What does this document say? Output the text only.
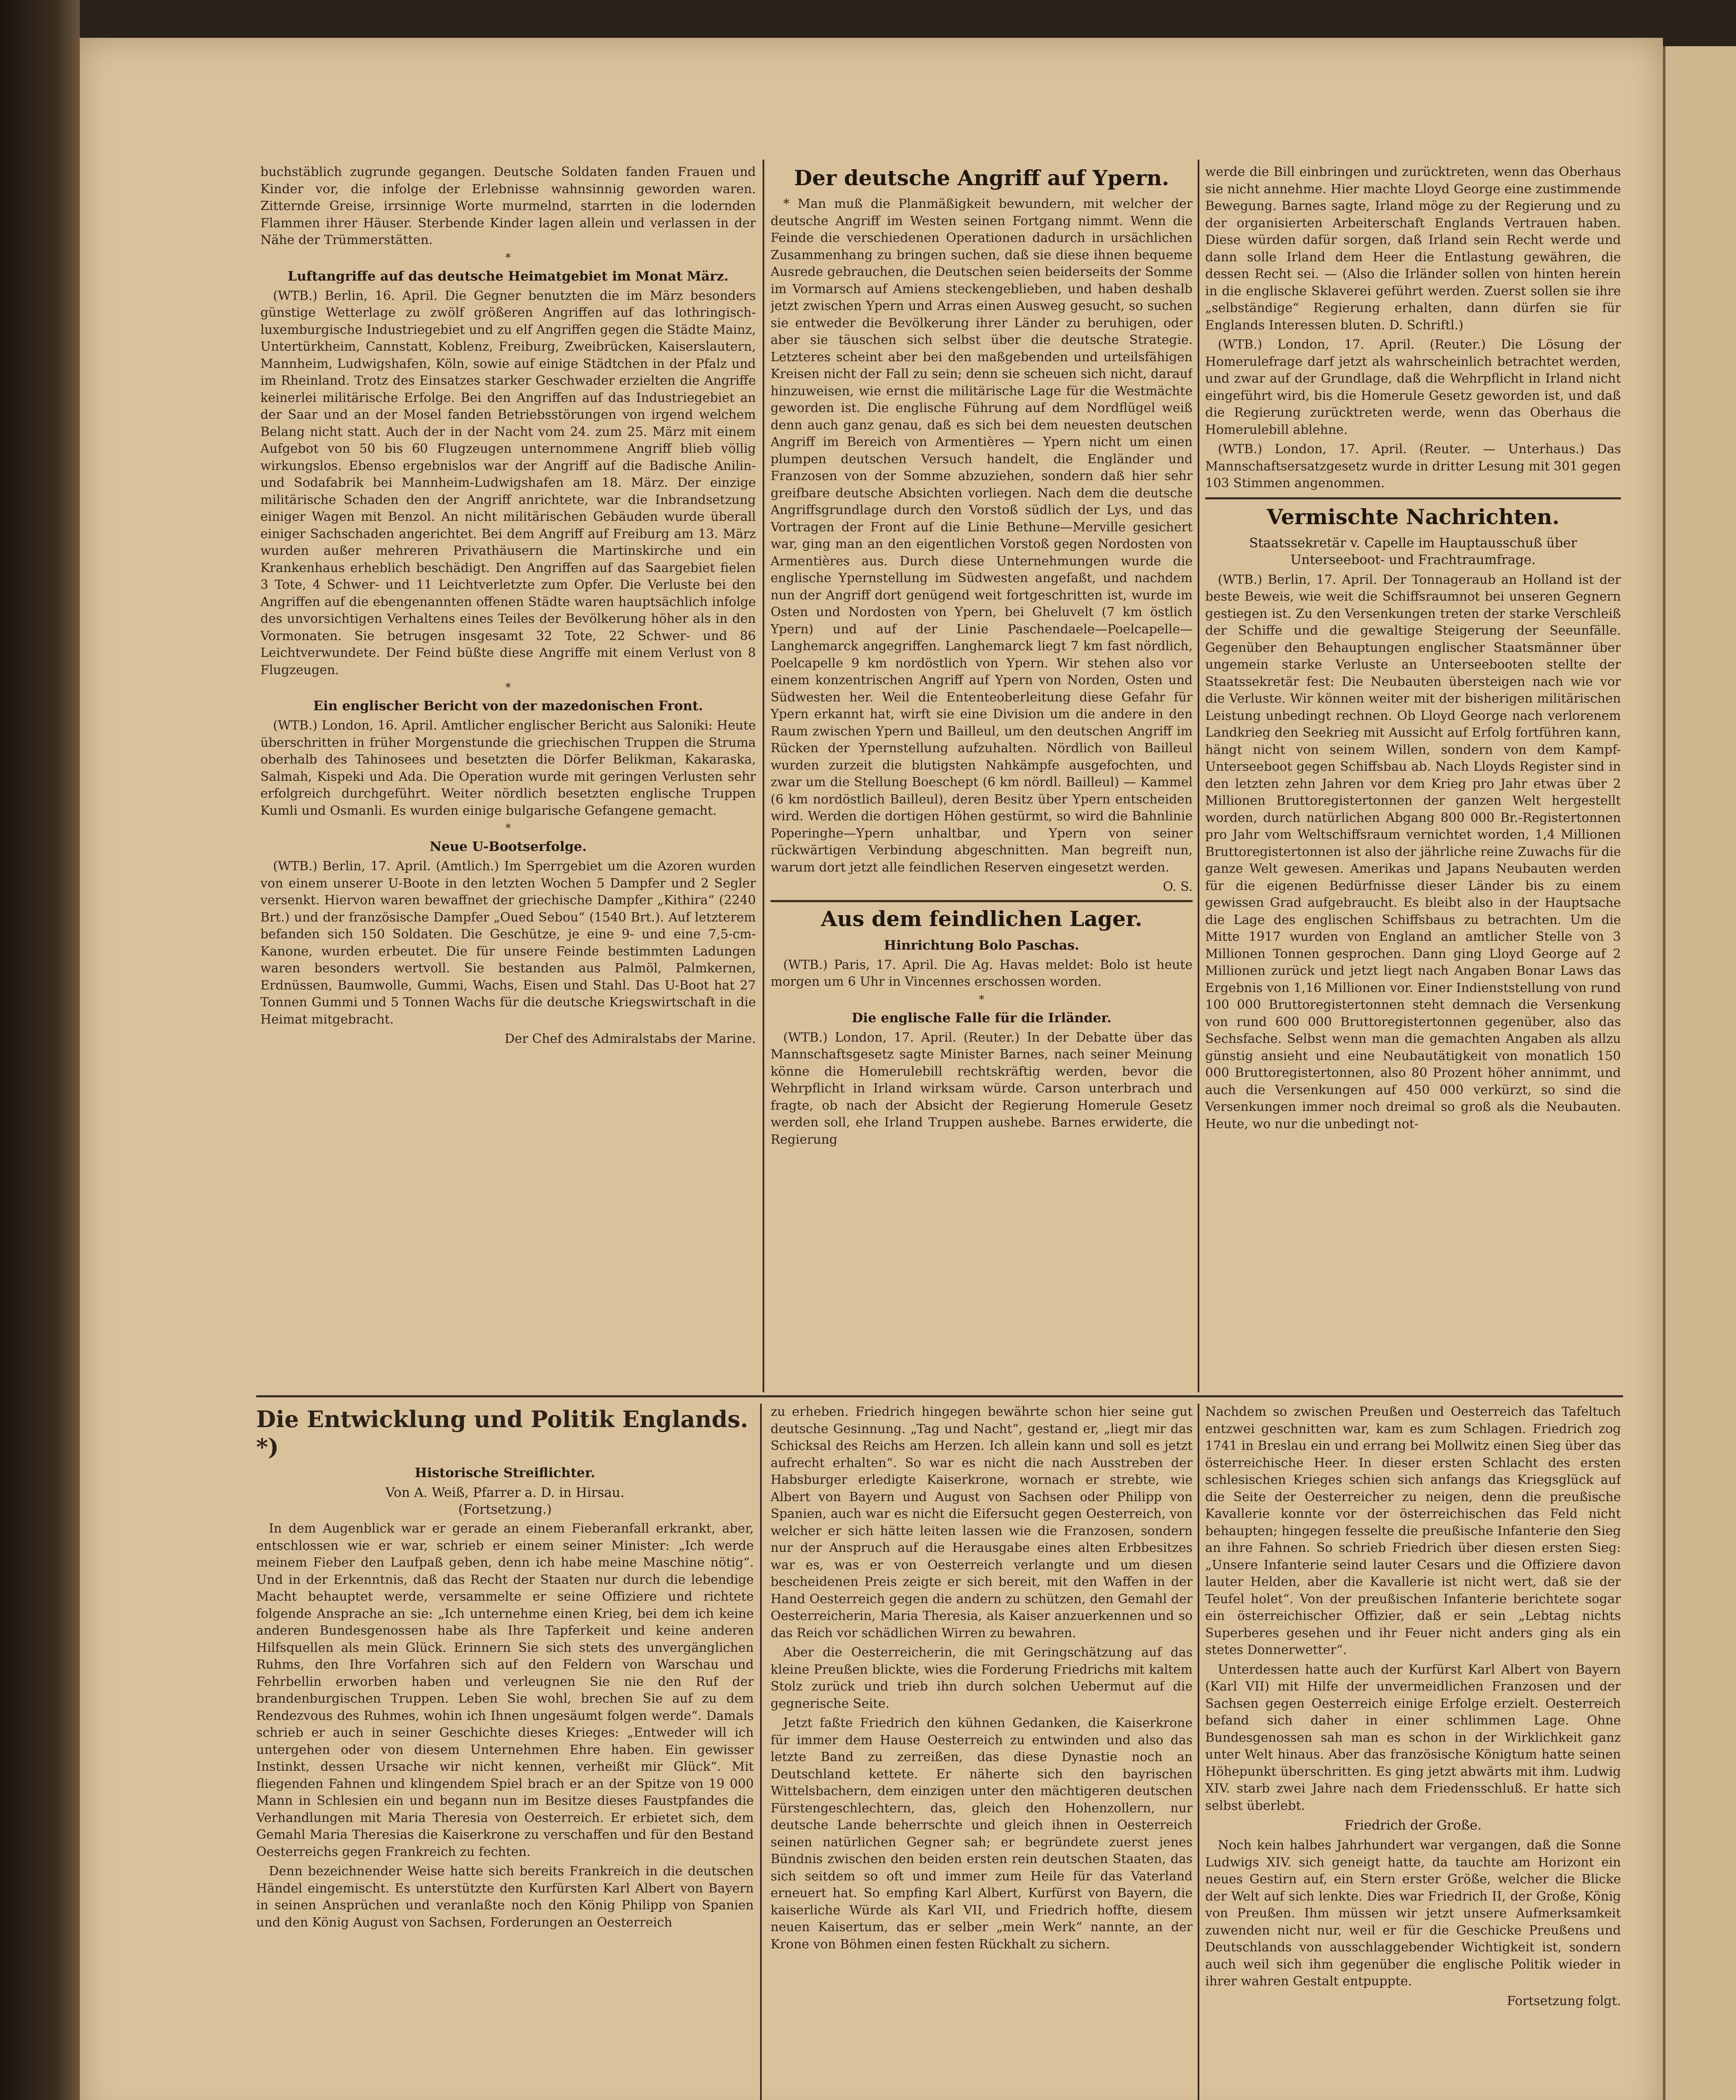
buchstäblich zugrunde gegangen. Deutsche Soldaten fanden Frauen und Kinder vor, die infolge der Erlebnisse wahnsinnig geworden waren. Zitternde Greise, irrsinnige Worte murmelnd, starrten in die lodernden Flammen ihrer Häuser. Sterbende Kinder lagen allein und verlassen in der Nähe der Trümmerstätten.

*
Luftangriffe auf das deutsche Heimatgebiet im Monat März.

(WTB.) Berlin, 16. April. Die Gegner benutzten die im März besonders günstige Wetterlage zu zwölf größeren Angriffen auf das lothringisch-luxemburgische Industriegebiet und zu elf Angriffen gegen die Städte Mainz, Untertürkheim, Cannstatt, Koblenz, Freiburg, Zweibrücken, Kaiserslautern, Mannheim, Ludwigshafen, Köln, sowie auf einige Städtchen in der Pfalz und im Rheinland. Trotz des Einsatzes starker Geschwader erzielten die Angriffe keinerlei militärische Erfolge. Bei den Angriffen auf das Industriegebiet an der Saar und an der Mosel fanden Betriebsstörungen von irgend welchem Belang nicht statt. Auch der in der Nacht vom 24. zum 25. März mit einem Aufgebot von 50 bis 60 Flugzeugen unternommene Angriff blieb völlig wirkungslos. Ebenso ergebnislos war der Angriff auf die Badische Anilin- und Sodafabrik bei Mannheim-Ludwigshafen am 18. März. Der einzige militärische Schaden den der Angriff anrichtete, war die Inbrandsetzung einiger Wagen mit Benzol. An nicht militärischen Gebäuden wurde überall einiger Sachschaden angerichtet. Bei dem Angriff auf Freiburg am 13. März wurden außer mehreren Privathäusern die Martinskirche und ein Krankenhaus erheblich beschädigt. Den Angriffen auf das Saargebiet fielen 3 Tote, 4 Schwer- und 11 Leichtverletzte zum Opfer. Die Verluste bei den Angriffen auf die ebengenannten offenen Städte waren hauptsächlich infolge des unvorsichtigen Verhaltens eines Teiles der Bevölkerung höher als in den Vormonaten. Sie betrugen insgesamt 32 Tote, 22 Schwer- und 86 Leichtverwundete. Der Feind büßte diese Angriffe mit einem Verlust von 8 Flugzeugen.

*
Ein englischer Bericht von der mazedonischen Front.

(WTB.) London, 16. April. Amtlicher englischer Bericht aus Saloniki: Heute überschritten in früher Morgenstunde die griechischen Truppen die Struma oberhalb des Tahinosees und besetzten die Dörfer Belikman, Kakaraska, Salmah, Kispeki und Ada. Die Operation wurde mit geringen Verlusten sehr erfolgreich durchgeführt. Weiter nördlich besetzten englische Truppen Kumli und Osmanli. Es wurden einige bulgarische Gefangene gemacht.

*
Neue U-Bootserfolge.

(WTB.) Berlin, 17. April. (Amtlich.) Im Sperrgebiet um die Azoren wurden von einem unserer U-Boote in den letzten Wochen 5 Dampfer und 2 Segler versenkt. Hiervon waren bewaffnet der griechische Dampfer „Kithira“ (2240 Brt.) und der französische Dampfer „Oued Sebou“ (1540 Brt.). Auf letzterem befanden sich 150 Soldaten. Die Geschütze, je eine 9- und eine 7,5-cm-Kanone, wurden erbeutet. Die für unsere Feinde bestimmten Ladungen waren besonders wertvoll. Sie bestanden aus Palmöl, Palmkernen, Erdnüssen, Baumwolle, Gummi, Wachs, Eisen und Stahl. Das U-Boot hat 27 Tonnen Gummi und 5 Tonnen Wachs für die deutsche Kriegswirtschaft in die Heimat mitgebracht.

Der Chef des Admiralstabs der Marine.
Der deutsche Angriff auf Ypern.

* Man muß die Planmäßigkeit bewundern, mit welcher der deutsche Angriff im Westen seinen Fortgang nimmt. Wenn die Feinde die verschiedenen Operationen dadurch in ursächlichen Zusammenhang zu bringen suchen, daß sie diese ihnen bequeme Ausrede gebrauchen, die Deutschen seien beiderseits der Somme im Vormarsch auf Amiens steckengeblieben, und haben deshalb jetzt zwischen Ypern und Arras einen Ausweg gesucht, so suchen sie entweder die Bevölkerung ihrer Länder zu beruhigen, oder aber sie täuschen sich selbst über die deutsche Strategie. Letzteres scheint aber bei den maßgebenden und urteilsfähigen Kreisen nicht der Fall zu sein; denn sie scheuen sich nicht, darauf hinzuweisen, wie ernst die militärische Lage für die Westmächte geworden ist. Die englische Führung auf dem Nordflügel weiß denn auch ganz genau, daß es sich bei dem neuesten deutschen Angriff im Bereich von Armentières — Ypern nicht um einen plumpen deutschen Versuch handelt, die Engländer und Franzosen von der Somme abzuziehen, sondern daß hier sehr greifbare deutsche Absichten vorliegen. Nach dem die deutsche Angriffsgrundlage durch den Vorstoß südlich der Lys, und das Vortragen der Front auf die Linie Bethune—Merville gesichert war, ging man an den eigentlichen Vorstoß gegen Nordosten von Armentières aus. Durch diese Unternehmungen wurde die englische Ypernstellung im Südwesten angefaßt, und nachdem nun der Angriff dort genügend weit fortgeschritten ist, wurde im Osten und Nordosten von Ypern, bei Gheluvelt (7 km östlich Ypern) und auf der Linie Paschendaele—Poelcapelle—Langhemarck angegriffen. Langhemarck liegt 7 km fast nördlich, Poelcapelle 9 km nordöstlich von Ypern. Wir stehen also vor einem konzentrischen Angriff auf Ypern von Norden, Osten und Südwesten her. Weil die Ententeoberleitung diese Gefahr für Ypern erkannt hat, wirft sie eine Division um die andere in den Raum zwischen Ypern und Bailleul, um den deutschen Angriff im Rücken der Ypernstellung aufzuhalten. Nördlich von Bailleul wurden zurzeit die blutigsten Nahkämpfe ausgefochten, und zwar um die Stellung Boeschept (6 km nördl. Bailleul) — Kammel (6 km nordöstlich Bailleul), deren Besitz über Ypern entscheiden wird. Werden die dortigen Höhen gestürmt, so wird die Bahnlinie Poperinghe—Ypern unhaltbar, und Ypern von seiner rückwärtigen Verbindung abgeschnitten. Man begreift nun, warum dort jetzt alle feindlichen Reserven eingesetzt werden.

O. S.
Aus dem feindlichen Lager.
Hinrichtung Bolo Paschas.

(WTB.) Paris, 17. April. Die Ag. Havas meldet: Bolo ist heute morgen um 6 Uhr in Vincennes erschossen worden.

*
Die englische Falle für die Irländer.

(WTB.) London, 17. April. (Reuter.) In der Debatte über das Mannschaftsgesetz sagte Minister Barnes, nach seiner Meinung könne die Homerulebill rechtskräftig werden, bevor die Wehrpflicht in Irland wirksam würde. Carson unterbrach und fragte, ob nach der Absicht der Regierung Homerule Gesetz werden soll, ehe Irland Truppen aushebe. Barnes erwiderte, die Regierung

werde die Bill einbringen und zurücktreten, wenn das Oberhaus sie nicht annehme. Hier machte Lloyd George eine zustimmende Bewegung. Barnes sagte, Irland möge zu der Regierung und zu der organisierten Arbeiterschaft Englands Vertrauen haben. Diese würden dafür sorgen, daß Irland sein Recht werde und dann solle Irland dem Heer die Entlastung gewähren, die dessen Recht sei. — (Also die Irländer sollen von hinten herein in die englische Sklaverei geführt werden. Zuerst sollen sie ihre „selbständige“ Regierung erhalten, dann dürfen sie für Englands Interessen bluten. D. Schriftl.)

(WTB.) London, 17. April. (Reuter.) Die Lösung der Homerulefrage darf jetzt als wahrscheinlich betrachtet werden, und zwar auf der Grundlage, daß die Wehrpflicht in Irland nicht eingeführt wird, bis die Homerule Gesetz geworden ist, und daß die Regierung zurücktreten werde, wenn das Oberhaus die Homerulebill ablehne.

(WTB.) London, 17. April. (Reuter. — Unterhaus.) Das Mannschaftsersatzgesetz wurde in dritter Lesung mit 301 gegen 103 Stimmen angenommen.

Vermischte Nachrichten.
Staatssekretär v. Capelle im Hauptausschuß über Unterseeboot- und Frachtraumfrage.

(WTB.) Berlin, 17. April. Der Tonnageraub an Holland ist der beste Beweis, wie weit die Schiffsraumnot bei unseren Gegnern gestiegen ist. Zu den Versenkungen treten der starke Verschleiß der Schiffe und die gewaltige Steigerung der Seeunfälle. Gegenüber den Behauptungen englischer Staatsmänner über ungemein starke Verluste an Unterseebooten stellte der Staatssekretär fest: Die Neubauten übersteigen nach wie vor die Verluste. Wir können weiter mit der bisherigen militärischen Leistung unbedingt rechnen. Ob Lloyd George nach verlorenem Landkrieg den Seekrieg mit Aussicht auf Erfolg fortführen kann, hängt nicht von seinem Willen, sondern von dem Kampf-Unterseeboot gegen Schiffsbau ab. Nach Lloyds Register sind in den letzten zehn Jahren vor dem Krieg pro Jahr etwas über 2 Millionen Bruttoregistertonnen der ganzen Welt hergestellt worden, durch natürlichen Abgang 800 000 Br.-Registertonnen pro Jahr vom Weltschiffsraum vernichtet worden, 1,4 Millionen Bruttoregistertonnen ist also der jährliche reine Zuwachs für die ganze Welt gewesen. Amerikas und Japans Neubauten werden für die eigenen Bedürfnisse dieser Länder bis zu einem gewissen Grad aufgebraucht. Es bleibt also in der Hauptsache die Lage des englischen Schiffsbaus zu betrachten. Um die Mitte 1917 wurden von England an amtlicher Stelle von 3 Millionen Tonnen gesprochen. Dann ging Lloyd George auf 2 Millionen zurück und jetzt liegt nach Angaben Bonar Laws das Ergebnis von 1,16 Millionen vor. Einer Indienststellung von rund 100 000 Bruttoregistertonnen steht demnach die Versenkung von rund 600 000 Bruttoregistertonnen gegenüber, also das Sechsfache. Selbst wenn man die gemachten Angaben als allzu günstig ansieht und eine Neubautätigkeit von monatlich 150 000 Bruttoregistertonnen, also 80 Prozent höher annimmt, und auch die Versenkungen auf 450 000 verkürzt, so sind die Versenkungen immer noch dreimal so groß als die Neubauten. Heute, wo nur die unbedingt not-

Die Entwicklung und Politik Englands. *)
Historische Streiflichter.
Von A. Weiß, Pfarrer a. D. in Hirsau.
(Fortsetzung.)

In dem Augenblick war er gerade an einem Fieberanfall erkrankt, aber, entschlossen wie er war, schrieb er einem seiner Minister: „Ich werde meinem Fieber den Laufpaß geben, denn ich habe meine Maschine nötig“. Und in der Erkenntnis, daß das Recht der Staaten nur durch die lebendige Macht behauptet werde, versammelte er seine Offiziere und richtete folgende Ansprache an sie: „Ich unternehme einen Krieg, bei dem ich keine anderen Bundesgenossen habe als Ihre Tapferkeit und keine anderen Hilfsquellen als mein Glück. Erinnern Sie sich stets des unvergänglichen Ruhms, den Ihre Vorfahren sich auf den Feldern von Warschau und Fehrbellin erworben haben und verleugnen Sie nie den Ruf der brandenburgischen Truppen. Leben Sie wohl, brechen Sie auf zu dem Rendezvous des Ruhmes, wohin ich Ihnen ungesäumt folgen werde“. Damals schrieb er auch in seiner Geschichte dieses Krieges: „Entweder will ich untergehen oder von diesem Unternehmen Ehre haben. Ein gewisser Instinkt, dessen Ursache wir nicht kennen, verheißt mir Glück“. Mit fliegenden Fahnen und klingendem Spiel brach er an der Spitze von 19 000 Mann in Schlesien ein und begann nun im Besitze dieses Faustpfandes die Verhandlungen mit Maria Theresia von Oesterreich. Er erbietet sich, dem Gemahl Maria Theresias die Kaiserkrone zu verschaffen und für den Bestand Oesterreichs gegen Frankreich zu fechten.

Denn bezeichnender Weise hatte sich bereits Frankreich in die deutschen Händel eingemischt. Es unterstützte den Kurfürsten Karl Albert von Bayern in seinen Ansprüchen und veranlaßte noch den König Philipp von Spanien und den König August von Sachsen, Forderungen an Oesterreich

zu erheben. Friedrich hingegen bewährte schon hier seine gut deutsche Gesinnung. „Tag und Nacht“, gestand er, „liegt mir das Schicksal des Reichs am Herzen. Ich allein kann und soll es jetzt aufrecht erhalten“. So war es nicht die nach Ausstreben der Habsburger erledigte Kaiserkrone, wornach er strebte, wie Albert von Bayern und August von Sachsen oder Philipp von Spanien, auch war es nicht die Eifersucht gegen Oesterreich, von welcher er sich hätte leiten lassen wie die Franzosen, sondern nur der Anspruch auf die Herausgabe eines alten Erbbesitzes war es, was er von Oesterreich verlangte und um diesen bescheidenen Preis zeigte er sich bereit, mit den Waffen in der Hand Oesterreich gegen die andern zu schützen, den Gemahl der Oesterreicherin, Maria Theresia, als Kaiser anzuerkennen und so das Reich vor schädlichen Wirren zu bewahren.

Aber die Oesterreicherin, die mit Geringschätzung auf das kleine Preußen blickte, wies die Forderung Friedrichs mit kaltem Stolz zurück und trieb ihn durch solchen Uebermut auf die gegnerische Seite.

Jetzt faßte Friedrich den kühnen Gedanken, die Kaiserkrone für immer dem Hause Oesterreich zu entwinden und also das letzte Band zu zerreißen, das diese Dynastie noch an Deutschland kettete. Er näherte sich den bayrischen Wittelsbachern, dem einzigen unter den mächtigeren deutschen Fürstengeschlechtern, das, gleich den Hohenzollern, nur deutsche Lande beherrschte und gleich ihnen in Oesterreich seinen natürlichen Gegner sah; er begründete zuerst jenes Bündnis zwischen den beiden ersten rein deutschen Staaten, das sich seitdem so oft und immer zum Heile für das Vaterland erneuert hat. So empfing Karl Albert, Kurfürst von Bayern, die kaiserliche Würde als Karl VII, und Friedrich hoffte, diesem neuen Kaisertum, das er selber „mein Werk“ nannte, an der Krone von Böhmen einen festen Rückhalt zu sichern.

Nachdem so zwischen Preußen und Oesterreich das Tafeltuch entzwei geschnitten war, kam es zum Schlagen. Friedrich zog 1741 in Breslau ein und errang bei Mollwitz einen Sieg über das österreichische Heer. In dieser ersten Schlacht des ersten schlesischen Krieges schien sich anfangs das Kriegsglück auf die Seite der Oesterreicher zu neigen, denn die preußische Kavallerie konnte vor der österreichischen das Feld nicht behaupten; hingegen fesselte die preußische Infanterie den Sieg an ihre Fahnen. So schrieb Friedrich über diesen ersten Sieg: „Unsere Infanterie seind lauter Cesars und die Offiziere davon lauter Helden, aber die Kavallerie ist nicht wert, daß sie der Teufel holet“. Von der preußischen Infanterie berichtete sogar ein österreichischer Offizier, daß er sein „Lebtag nichts Superberes gesehen und ihr Feuer nicht anders ging als ein stetes Donnerwetter“.

Unterdessen hatte auch der Kurfürst Karl Albert von Bayern (Karl VII) mit Hilfe der unvermeidlichen Franzosen und der Sachsen gegen Oesterreich einige Erfolge erzielt. Oesterreich befand sich daher in einer schlimmen Lage. Ohne Bundesgenossen sah man es schon in der Wirklichkeit ganz unter Welt hinaus. Aber das französische Königtum hatte seinen Höhepunkt überschritten. Es ging jetzt abwärts mit ihm. Ludwig XIV. starb zwei Jahre nach dem Friedensschluß. Er hatte sich selbst überlebt.

Friedrich der Große.

Noch kein halbes Jahrhundert war vergangen, daß die Sonne Ludwigs XIV. sich geneigt hatte, da tauchte am Horizont ein neues Gestirn auf, ein Stern erster Größe, welcher die Blicke der Welt auf sich lenkte. Dies war Friedrich II, der Große, König von Preußen. Ihm müssen wir jetzt unsere Aufmerksamkeit zuwenden nicht nur, weil er für die Geschicke Preußens und Deutschlands von ausschlaggebender Wichtigkeit ist, sondern auch weil sich ihm gegenüber die englische Politik wieder in ihrer wahren Gestalt entpuppte.

Fortsetzung folgt.
